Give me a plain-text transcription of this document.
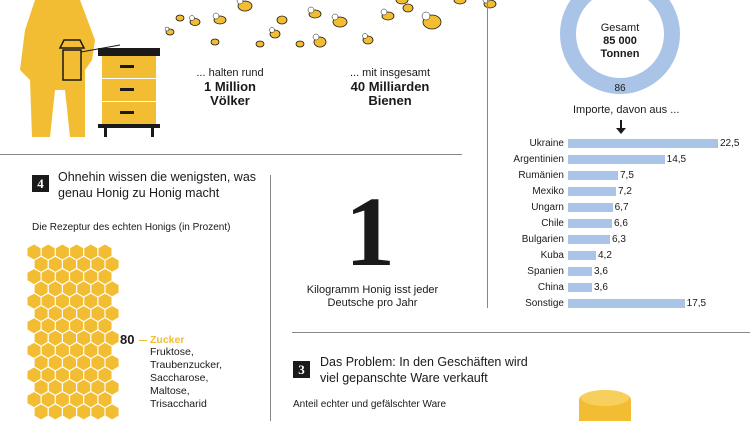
... halten rund
1 Million
Völker
... mit insgesamt
40 Milliarden
Bienen
Gesamt
85 000
Tonnen
86
Importe, davon aus ...
Ukraine	22,5
Argentinien	14,5
Rumänien	7,5
Mexiko	7,2
Ungarn	6,7
Chile	6,6
Bulgarien	6,3
Kuba	4,2
Spanien	3,6
China	3,6
Sonstige	17,5
4	Ohnehin wissen die wenigsten, was genau Honig zu Honig macht
Die Rezeptur des echten Honigs (in Prozent)
80 Zucker
Fruktose,
Traubenzucker,
Saccharose,
Maltose,
Trisaccharid
1
Kilogramm Honig isst jeder
Deutsche pro Jahr
3	Das Problem: In den Geschäften wird viel gepanschte Ware verkauft
Anteil echter und gefälschter Ware
